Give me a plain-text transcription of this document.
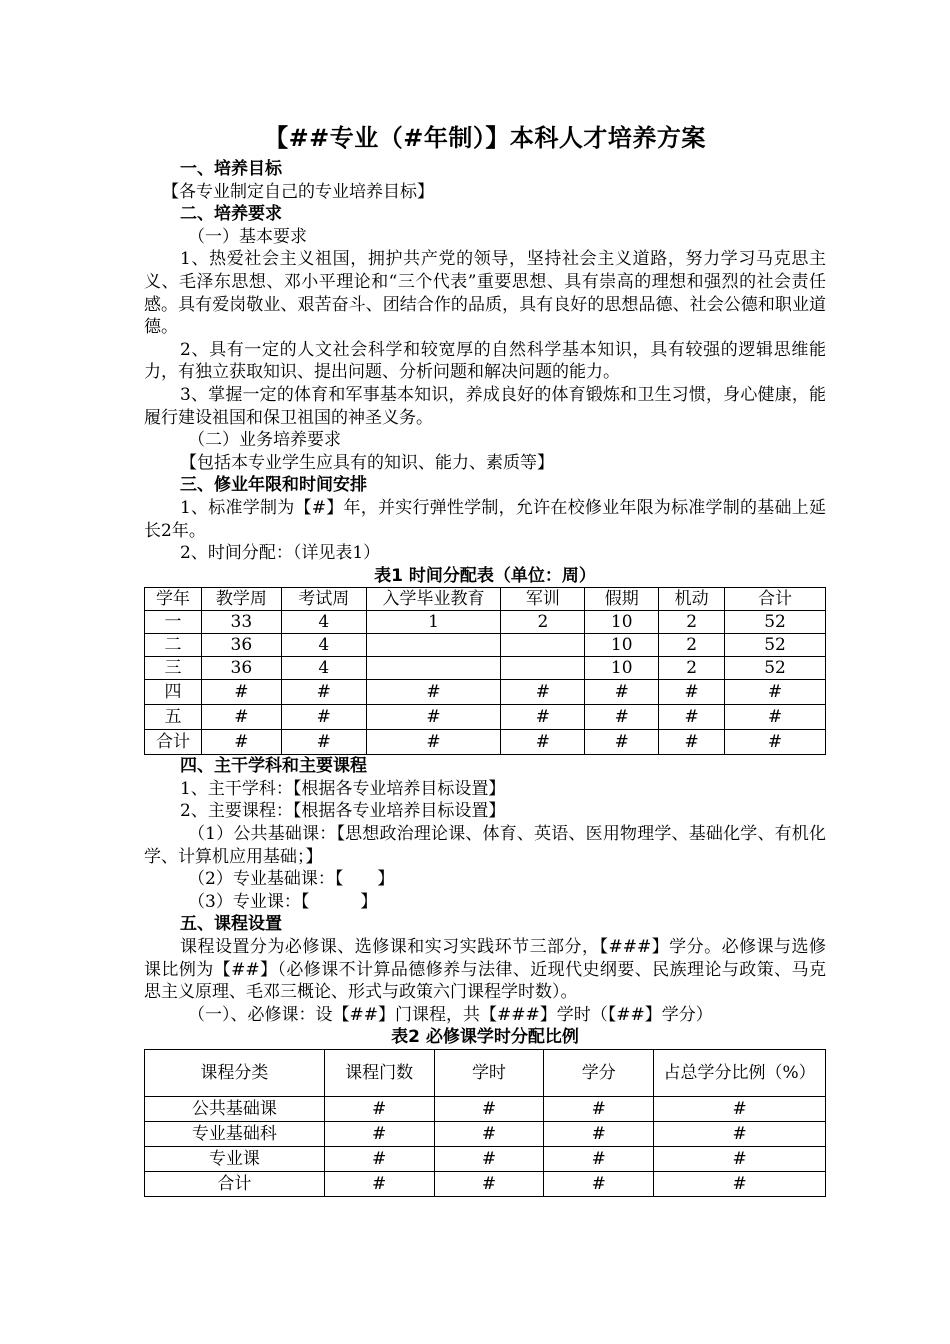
【##专业（#年制）】本科人才培养方案
一、培养目标
【各专业制定自己的专业培养目标】
二、培养要求
（一）基本要求
1、热爱社会主义祖国，拥护共产党的领导，坚持社会主义道路，努力学习马克思主义、毛泽东思想、邓小平理论和“三个代表”重要思想、具有崇高的理想和强烈的社会责任感。具有爱岗敬业、艰苦奋斗、团结合作的品质，具有良好的思想品德、社会公德和职业道德。
2、具有一定的人文社会科学和较宽厚的自然科学基本知识，具有较强的逻辑思维能力，有独立获取知识、提出问题、分析问题和解决问题的能力。
3、掌握一定的体育和军事基本知识，养成良好的体育锻炼和卫生习惯，身心健康，能履行建设祖国和保卫祖国的神圣义务。
（二）业务培养要求
【包括本专业学生应具有的知识、能力、素质等】
三、修业年限和时间安排
1、标准学制为【#】年，并实行弹性学制，允许在校修业年限为标准学制的基础上延长2年。
2、时间分配：（详见表1）
表1 时间分配表（单位：周）
学年	教学周	考试周	入学毕业教育	军训	假期	机动	合计
一	33	4	1	2	10	2	52
二	36	4			10	2	52
三	36	4			10	2	52
四	#	#	#	#	#	#	#
五	#	#	#	#	#	#	#
合计	#	#	#	#	#	#	#
四、主干学科和主要课程
1、主干学科：【根据各专业培养目标设置】
2、主要课程：【根据各专业培养目标设置】
（1）公共基础课：【思想政治理论课、体育、英语、医用物理学、基础化学、有机化学、计算机应用基础；】
（2）专业基础课：【　　】
（3）专业课：【　　　】
五、课程设置
课程设置分为必修课、选修课和实习实践环节三部分，【###】学分。必修课与选修课比例为【##】（必修课不计算品德修养与法律、近现代史纲要、民族理论与政策、马克思主义原理、毛邓三概论、形式与政策六门课程学时数）。
（一）、必修课：设【##】门课程，共【###】学时（【##】学分）
表2 必修课学时分配比例
课程分类	课程门数	学时	学分	占总学分比例（%）
公共基础课	#	#	#	#
专业基础科	#	#	#	#
专业课	#	#	#	#
合计	#	#	#	#
